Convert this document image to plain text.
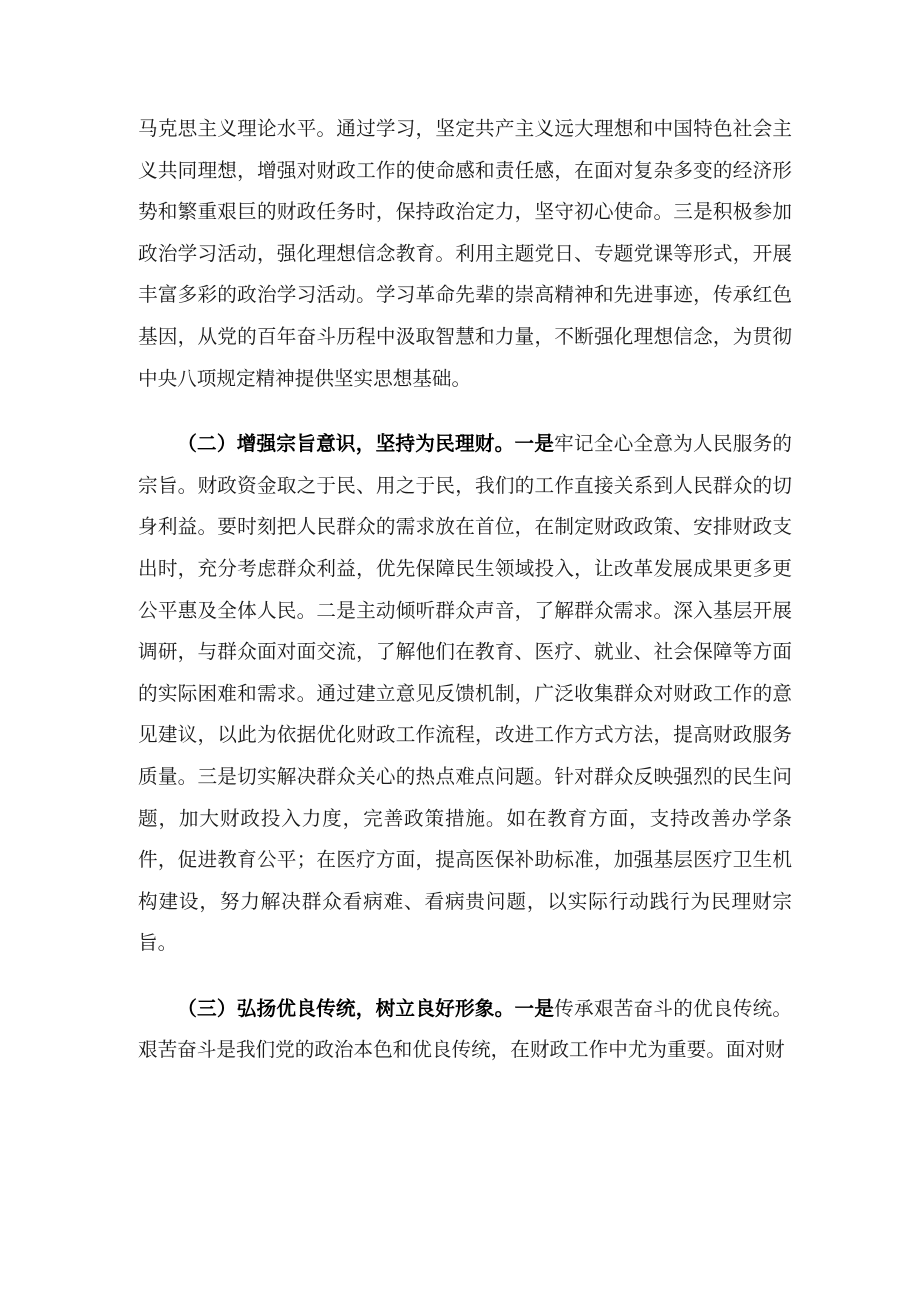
马克思主义理论水平。通过学习，坚定共产主义远大理想和中国特色社会主义共同理想，增强对财政工作的使命感和责任感，在面对复杂多变的经济形势和繁重艰巨的财政任务时，保持政治定力，坚守初心使命。三是积极参加政治学习活动，强化理想信念教育。利用主题党日、专题党课等形式，开展丰富多彩的政治学习活动。学习革命先辈的崇高精神和先进事迹，传承红色基因，从党的百年奋斗历程中汲取智慧和力量，不断强化理想信念，为贯彻中央八项规定精神提供坚实思想基础。

（二）增强宗旨意识，坚持为民理财。一是牢记全心全意为人民服务的宗旨。财政资金取之于民、用之于民，我们的工作直接关系到人民群众的切身利益。要时刻把人民群众的需求放在首位，在制定财政政策、安排财政支出时，充分考虑群众利益，优先保障民生领域投入，让改革发展成果更多更公平惠及全体人民。二是主动倾听群众声音，了解群众需求。深入基层开展调研，与群众面对面交流，了解他们在教育、医疗、就业、社会保障等方面的实际困难和需求。通过建立意见反馈机制，广泛收集群众对财政工作的意见建议，以此为依据优化财政工作流程，改进工作方式方法，提高财政服务质量。三是切实解决群众关心的热点难点问题。针对群众反映强烈的民生问题，加大财政投入力度，完善政策措施。如在教育方面，支持改善办学条件，促进教育公平；在医疗方面，提高医保补助标准，加强基层医疗卫生机构建设，努力解决群众看病难、看病贵问题，以实际行动践行为民理财宗旨。

（三）弘扬优良传统，树立良好形象。一是传承艰苦奋斗的优良传统。艰苦奋斗是我们党的政治本色和优良传统，在财政工作中尤为重要。面对财
